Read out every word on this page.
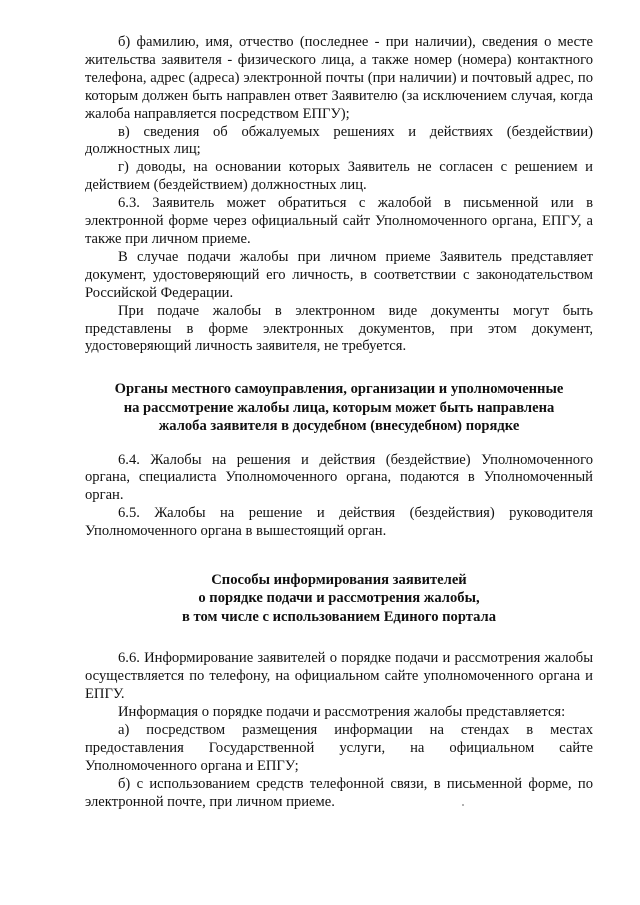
б) фамилию, имя, отчество (последнее - при наличии), сведения о месте жительства заявителя - физического лица, а также номер (номера) контактного телефона, адрес (адреса) электронной почты (при наличии) и почтовый адрес, по которым должен быть направлен ответ Заявителю (за исключением случая, когда жалоба направляется посредством ЕПГУ);

в) сведения об обжалуемых решениях и действиях (бездействии) должностных лиц;

г) доводы, на основании которых Заявитель не согласен с решением и действием (бездействием) должностных лиц.

6.3. Заявитель может обратиться с жалобой в письменной или в электронной форме через официальный сайт Уполномоченного органа, ЕПГУ, а также при личном приеме.

В случае подачи жалобы при личном приеме Заявитель представляет документ, удостоверяющий его личность, в соответствии с законодательством Российской Федерации.

При подаче жалобы в электронном виде документы могут быть представлены в форме электронных документов, при этом документ, удостоверяющий личность заявителя, не требуется.

Органы местного самоуправления, организации и уполномоченные
на рассмотрение жалобы лица, которым может быть направлена
жалоба заявителя в досудебном (внесудебном) порядке

6.4. Жалобы на решения и действия (бездействие) Уполномоченного органа, специалиста Уполномоченного органа, подаются в Уполномоченный орган.

6.5. Жалобы на решение и действия (бездействия) руководителя Уполномоченного органа в вышестоящий орган.

Способы информирования заявителей
о порядке подачи и рассмотрения жалобы,
в том числе с использованием Единого портала

6.6. Информирование заявителей о порядке подачи и рассмотрения жалобы осуществляется по телефону, на официальном сайте уполномоченного органа и ЕПГУ.

Информация о порядке подачи и рассмотрения жалобы представляется:

а) посредством размещения информации на стендах в местах предоставления Государственной услуги, на официальном сайте Уполномоченного органа и ЕПГУ;

б) с использованием средств телефонной связи, в письменной форме, по электронной почте, при личном приеме.
